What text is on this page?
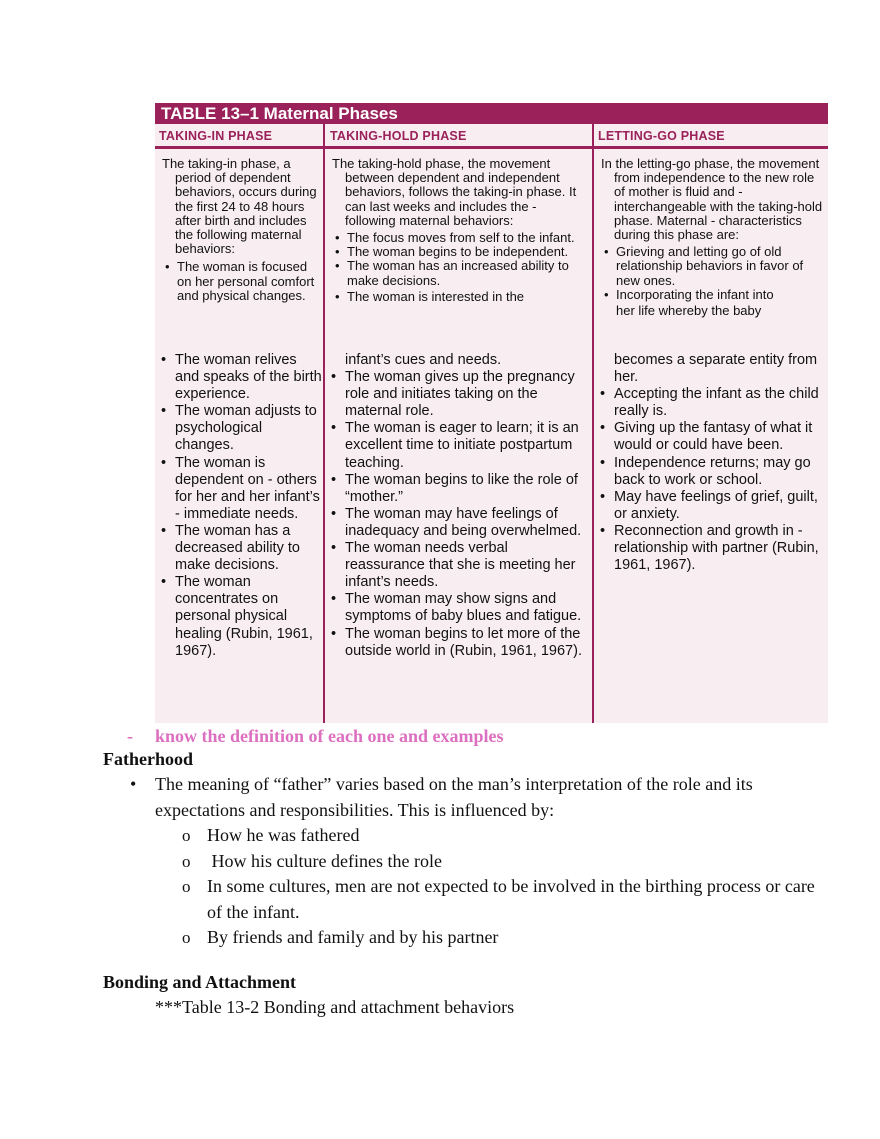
TABLE 13–1 Maternal Phases
TAKING-IN PHASE	TAKING-HOLD PHASE	LETTING-GO PHASE

The taking-in phase, a period of dependent behaviors, occurs during the first 24 to 48 hours after birth and includes the following maternal behaviors:

• The woman is focused on her personal comfort and physical changes.

The taking-hold phase, the movement between dependent and independent behaviors, follows the taking-in phase. It can last weeks and includes the - following maternal behaviors:

• The focus moves from self to the infant.
• The woman begins to be independent.
• The woman has an increased ability to make decisions.
• The woman is interested in the

In the letting-go phase, the movement from independence to the new role of mother is fluid and - interchangeable with the taking-hold phase. Maternal - characteristics during this phase are:

• Grieving and letting go of old relationship behaviors in favor of new ones.
• Incorporating the infant into
her life whereby the baby
• The woman relives and speaks of the birth experience.
• The woman adjusts to psychological changes.
• The woman is dependent on - others for her and her infant’s - immediate needs.
• The woman has a decreased ability to make decisions.
• The woman concentrates on personal physical healing (Rubin, 1961, 1967).
infant’s cues and needs.
• The woman gives up the pregnancy role and initiates taking on the maternal role.
• The woman is eager to learn; it is an excellent time to initiate postpartum teaching.
• The woman begins to like the role of “mother.”
• The woman may have feelings of inadequacy and being overwhelmed.
• The woman needs verbal reassurance that she is meeting her infant’s needs.
• The woman may show signs and symptoms of baby blues and fatigue.
• The woman begins to let more of the outside world in (Rubin, 1961, 1967).
becomes a separate entity from her.
• Accepting the infant as the child really is.
• Giving up the fantasy of what it would or could have been.
• Independence returns; may go back to work or school.
• May have feelings of grief, guilt, or anxiety.
• Reconnection and growth in - relationship with partner (Rubin, 1961, 1967).
- know the definition of each one and examples
Fatherhood
• The meaning of “father” varies based on the man’s interpretation of the role and its expectations and responsibilities. This is influenced by:
o How he was fathered
o How his culture defines the role
o In some cultures, men are not expected to be involved in the birthing process or care of the infant.
o By friends and family and by his partner
Bonding and Attachment
***Table 13-2 Bonding and attachment behaviors
